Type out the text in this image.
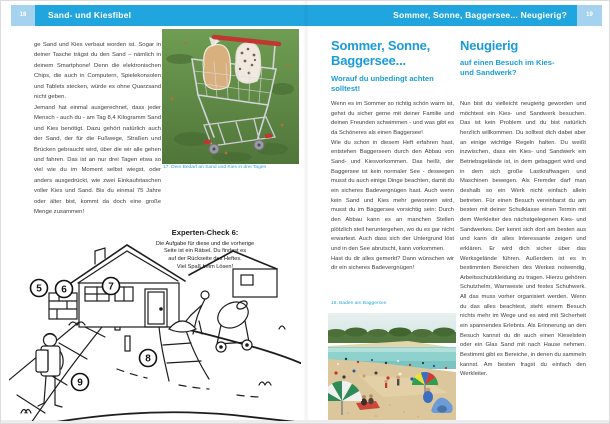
18	Sand- und Kiesfibel	Sommer, Sonne, Baggersee... Neugierig?	19

ge Sand und Kies verbaut worden ist. Sogar in deiner Tasche trägst du den Sand – nämlich in deinem Smartphone! Denn die elektronischen Chips, die auch in Computern, Spielekonsolen und Tablets stecken, würde es ohne Quarzsand nicht geben.

Jemand hat einmal ausgerechnet, dass jeder Mensch - auch du - am Tag 8,4 Kilogramm Sand und Kies benötigt. Dazu gehört natürlich auch der Sand, der für die Fußwege, Straßen und Brücken gebraucht wird, über die wir alle gehen und fahren. Das ist an nur drei Tagen etwa so viel wie du im Moment selbst wiegst, oder anders ausgedrückt, wie zwei Einkaufstaschen voller Kies und Sand. Bis du einmal 75 Jahre oder älter bist, kommt da doch eine große Menge zusammen!

17. Dein Bedarf an Sand und Kies in drei Tagen
Experten-Check 6:
Die Aufgabe für diese und die vorherige
Seite ist ein Rätsel. Du findest es
auf der Rückseite des Heftes.
Viel Spaß beim Lösen!
5 6	7
8
9
Sommer, Sonne,
Baggersee...
Worauf du unbedingt achten
solltest!

Wenn es im Sommer so richtig schön warm ist, gehst du sicher gerne mit deiner Familie und deinen Freunden schwimmen - und was gibt es da Schöneres als einen Baggersee!

Wie du schon in diesem Heft erfahren hast, entstehen Baggerseen durch den Abbau von Sand- und Kiesvorkommen. Das heißt, der Baggersee ist kein normaler See - deswegen musst du auch einige Dinge beachten, damit du ein sicheres Badevergnügen hast. Auch wenn kein Sand und Kies mehr gewonnen wird, musst du im Baggersee vorsichtig sein: Durch den Abbau kann es an manchen Stellen plötzlich steil heruntergehen, wo du es gar nicht erwartest. Auch dass sich der Untergrund löst und in den See abrutscht, kann vorkommen.

Hast du dir alles gemerkt? Dann wünschen wir dir ein sicheres Badevergnügen!

18. Baden am Baggersee
Neugierig
auf einen Besuch im Kies-
und Sandwerk?

Nun bist du vielleicht neugierig geworden und möchtest ein Kies- und Sandwerk besuchen. Das ist kein Problem und du bist natürlich herzlich willkommen. Du solltest dich dabei aber an einige wichtige Regeln halten. Du weißt inzwischen, dass ein Kies- und Sandwerk ein Betriebsgelände ist, in dem gebaggert wird und in dem sich große Lastkraftwagen und Maschinen bewegen. Als Fremder darf man deshalb so ein Werk nicht einfach allein betreten. Für einen Besuch vereinbarst du am besten mit deiner Schulklasse einen Termin mit dem Werkleiter des nächstgelegenen Kies- und Sandwerkes. Der kennt sich dort am besten aus und kann dir alles Interessante zeigen und erklären. Er wird dich sicher über das Werksgelände führen. Außerdem ist es in bestimmten Bereichen des Werkes notwendig, Arbeitsschutzkleidung zu tragen. Hierzu gehören Schutzhelm, Warnweste und festes Schuhwerk. All das muss vorher organisiert werden. Wenn du das alles beachtest, steht einem Besuch nichts mehr im Wege und es wird mit Sicherheit ein spannendes Erlebnis. Als Erinnerung an den Besuch kannst du dir auch einen Kieselstein oder ein Glas Sand mit nach Hause nehmen. Bestimmt gibt es Bereiche, in denen du sammeln kannst. Am besten fragst du einfach den Werkleiter.
